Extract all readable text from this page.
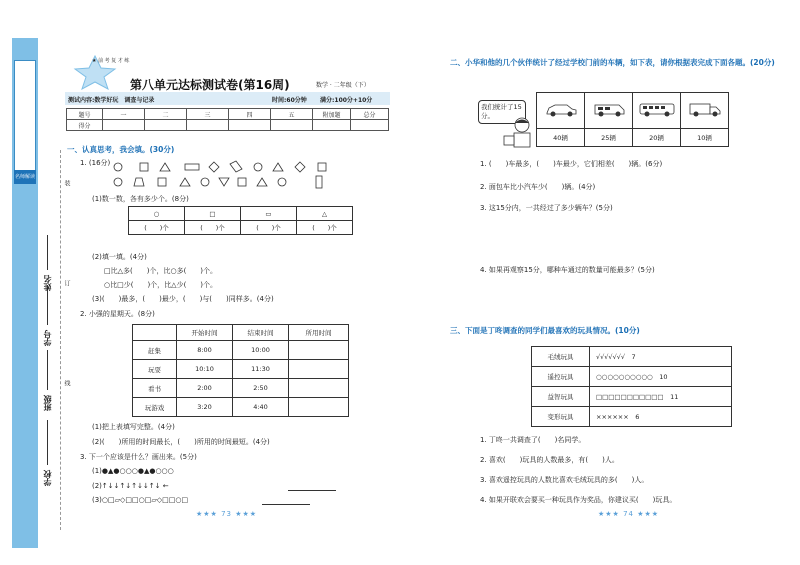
名师解读
装
订
线
学校
班级
学号
姓名
★ 前 考 复 才 练
第八单元达标测试卷(第16周)	数学 · 二年级（下）
测试内容:数学好玩　调查与记录	时间:60分钟 满分:100分+10分
题号	一	二	三	四	五	附加题	总分
得分							
一、认真思考，我会填。(30分)
1. (16分)
(1)数一数，各有多少个。(8分)
○	□	▭	△
(　　)个	(　　)个	(　　)个	(　　)个
(2)填一填。(4分)
□比△多(　　)个，比○多(　　)个。
○比□少(　　)个，比△少(　　)个。
(3)(　　)最多，(　　)最少，(　　)与(　　)同样多。(4分)
2. 小强的星期天。(8分)
	开始时间	结束时间	所用时间
赶集	8:00	10:00	
玩耍	10:10	11:30	
看书	2:00	2:50	
玩游戏	3:20	4:40	
(1)把上表填写完整。(4分)
(2)(　　)所用的时间最长，(　　)所用的时间最短。(4分)
3. 下一个应该是什么？画出来。(5分)
(1)●▲●○○○●▲●○○○
(2)↑↓↓↑↓↑↓↓↑↓ ←
(3)○□▱◇□□○□▱◇□□○□
★★★ 73 ★★★
二、小华和他的几个伙伴统计了经过学校门前的车辆，如下表，请你根据表完成下面各题。(20分)
我们统计了15分。

40辆	25辆	20辆	10辆
1. (　　)车最多，(　　)车最少，它们相差(　　)辆。(6分)
2. 面包车比小汽车少(　　)辆。(4分)
3. 这15分内，一共经过了多少辆车？(5分)
4. 如果再观察15分，哪种车通过的数量可能最多？(5分)
三、下面是丁咚调查的同学们最喜欢的玩具情况。(10分)
毛绒玩具	√√√√√√√　 7
遥控玩具	○○○○○○○○○○　 10
益智玩具	□□□□□□□□□□□　 11
变形玩具	××××××　 6
1. 丁咚一共调查了(　　)名同学。
2. 喜欢(　　)玩具的人数最多，有(　　)人。
3. 喜欢遥控玩具的人数比喜欢毛绒玩具的多(　　)人。
4. 如果开联欢会要买一种玩具作为奖品，你建议买(　　)玩具。
★★★ 74 ★★★
